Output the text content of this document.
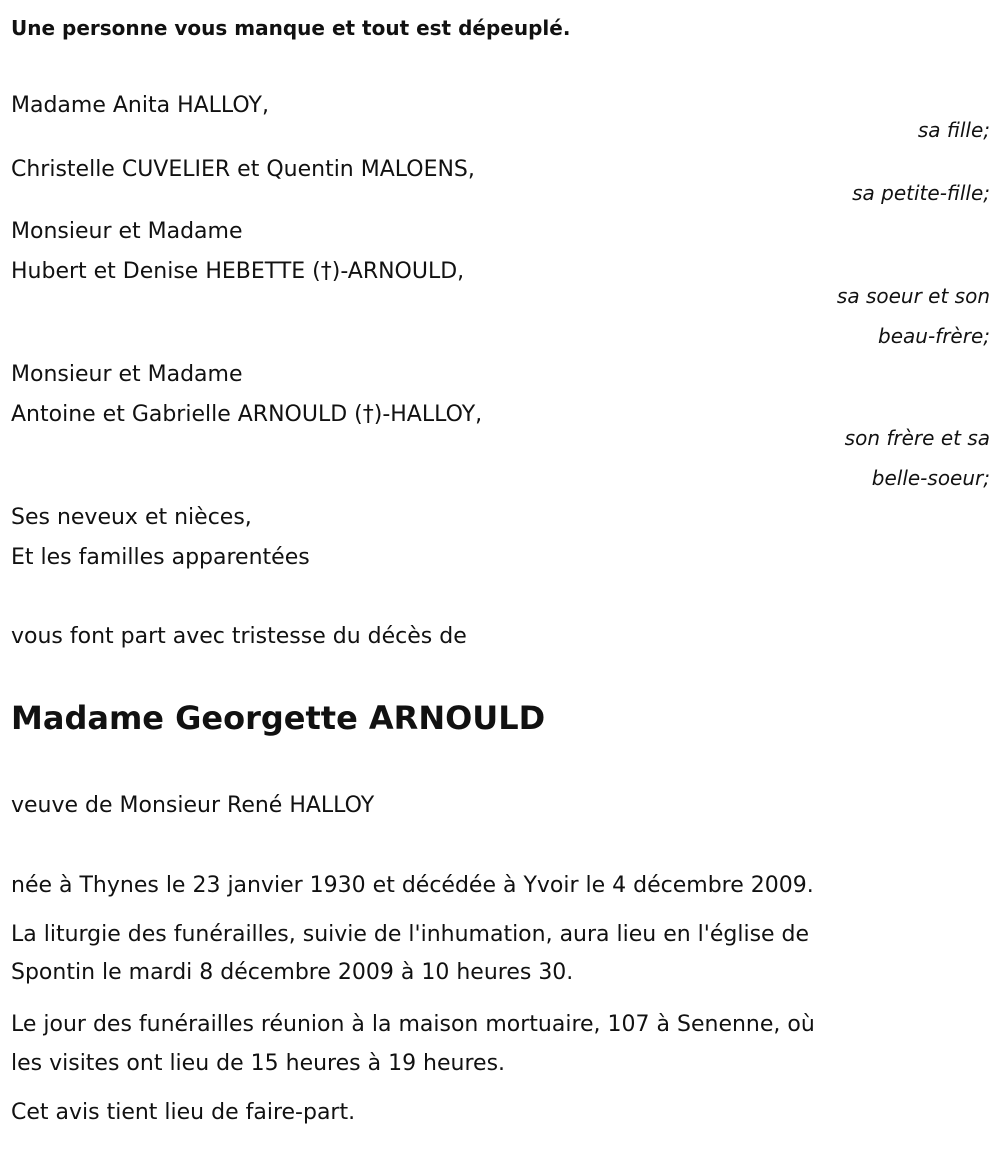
Une personne vous manque et tout est dépeuplé.
Madame Anita HALLOY,
sa fille;
Christelle CUVELIER et Quentin MALOENS,
sa petite-fille;
Monsieur et Madame
Hubert et Denise HEBETTE (†)-ARNOULD,
sa soeur et son
beau-frère;
Monsieur et Madame
Antoine et Gabrielle ARNOULD (†)-HALLOY,
son frère et sa
belle-soeur;
Ses neveux et nièces,
Et les familles apparentées
vous font part avec tristesse du décès de
Madame Georgette ARNOULD
veuve de Monsieur René HALLOY
née à Thynes le 23 janvier 1930 et décédée à Yvoir le 4 décembre 2009.
La liturgie des funérailles, suivie de l'inhumation, aura lieu en l'église de
Spontin le mardi 8 décembre 2009 à 10 heures 30.
Le jour des funérailles réunion à la maison mortuaire, 107 à Senenne, où
les visites ont lieu de 15 heures à 19 heures.
Cet avis tient lieu de faire-part.
